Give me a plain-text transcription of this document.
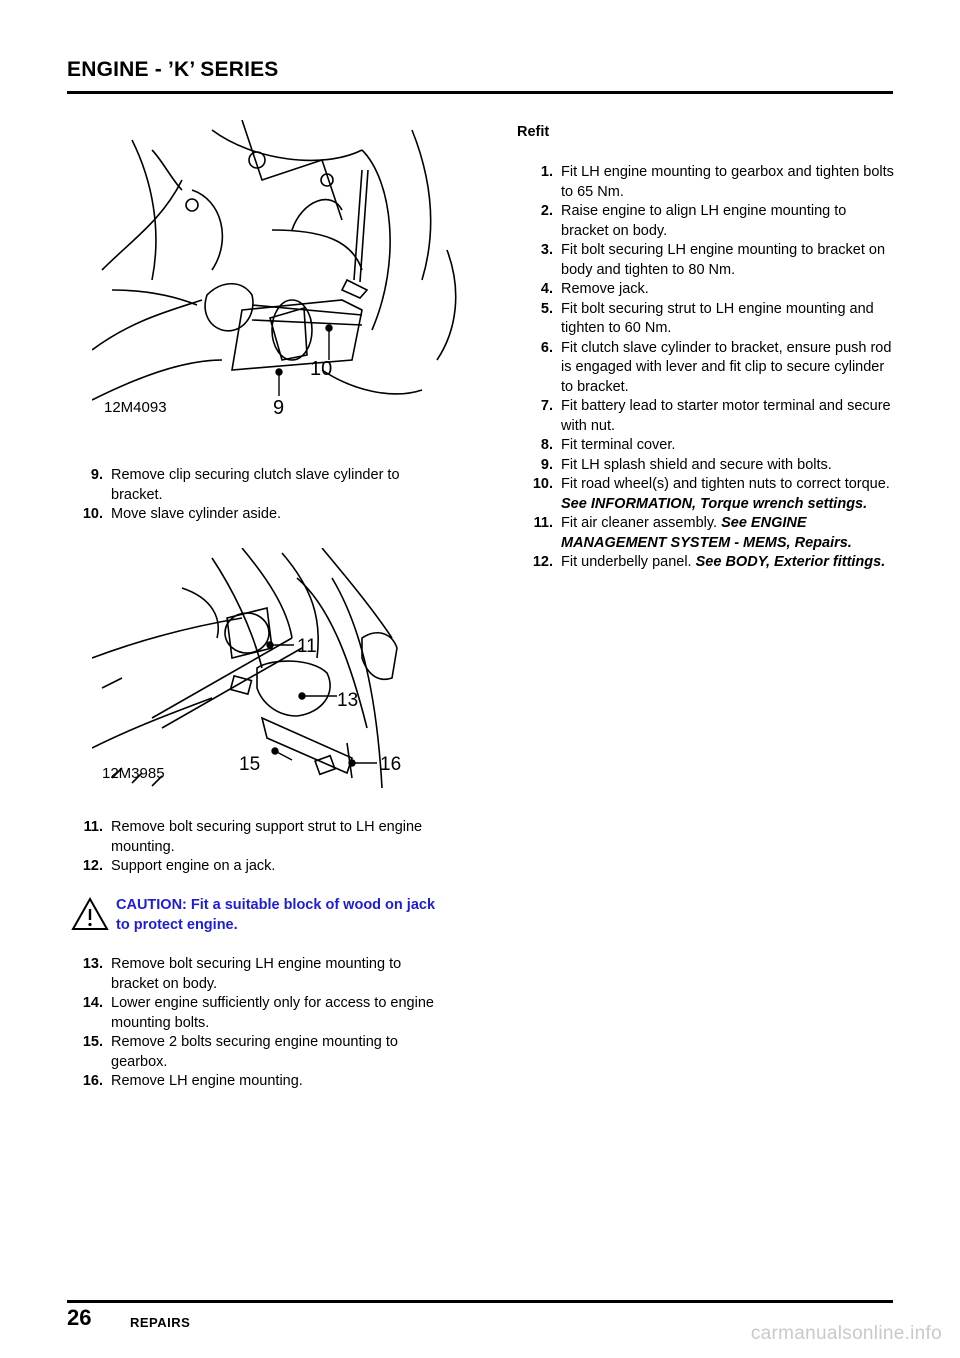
ENGINE - ’K’ SERIES
10
9
12M4093
9. Remove clip securing clutch slave cylinder to bracket.
10. Move slave cylinder aside.
11
13
15	16
12M3985
11. Remove bolt securing support strut to LH engine mounting.
12. Support engine on a jack.
CAUTION: Fit a suitable block of wood on jack to protect engine.
13. Remove bolt securing LH engine mounting to bracket on body.
14. Lower engine sufficiently only for access to engine mounting bolts.
15. Remove 2 bolts securing engine mounting to gearbox.
16. Remove LH engine mounting.
Refit
1. Fit LH engine mounting to gearbox and tighten bolts to 65 Nm.
2. Raise engine to align LH engine mounting to bracket on body.
3. Fit bolt securing LH engine mounting to bracket on body and tighten to 80 Nm.
4. Remove jack.
5. Fit bolt securing strut to LH engine mounting and tighten to 60 Nm.
6. Fit clutch slave cylinder to bracket, ensure push rod is engaged with lever and fit clip to secure cylinder to bracket.
7. Fit battery lead to starter motor terminal and secure with nut.
8. Fit terminal cover.
9. Fit LH splash shield and secure with bolts.
10. Fit road wheel(s) and tighten nuts to correct torque. See INFORMATION, Torque wrench settings.
11. Fit air cleaner assembly. See ENGINE MANAGEMENT SYSTEM - MEMS, Repairs.
12. Fit underbelly panel. See BODY, Exterior fittings.
26	REPAIRS
carmanualsonline.info
